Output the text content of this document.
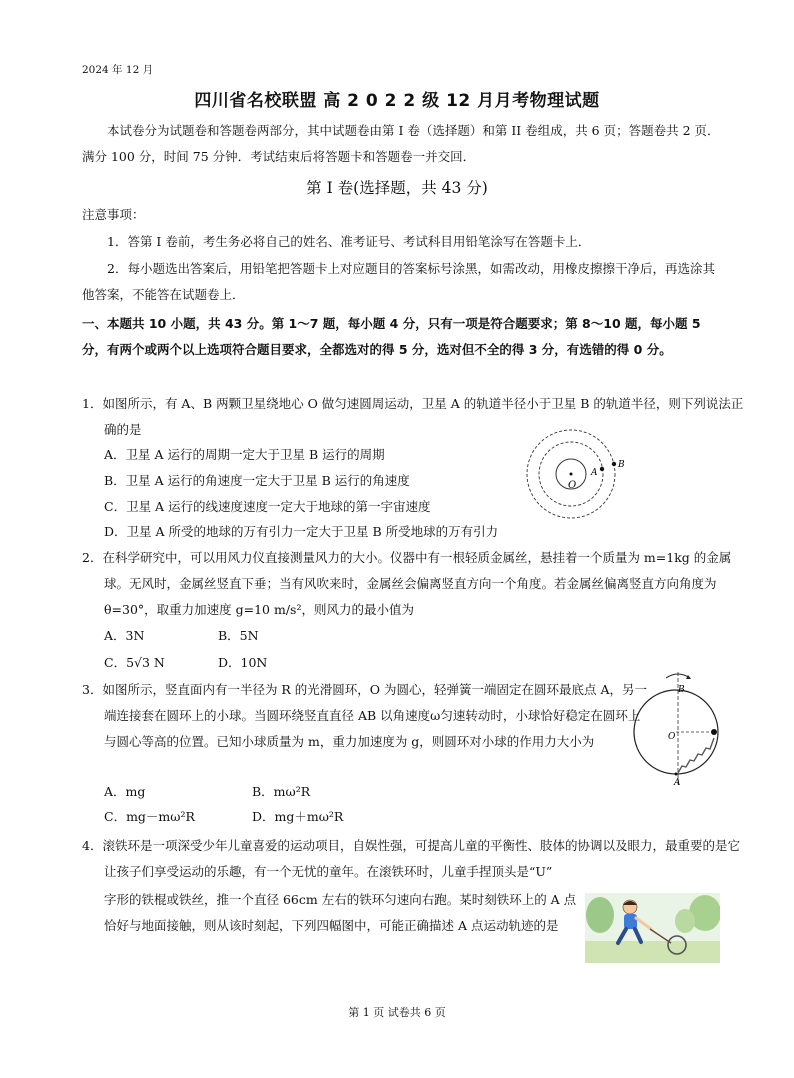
2024 年 12 月
四川省名校联盟 高 2 0 2 2 级 12 月月考物理试题
本试卷分为试题卷和答题卷两部分，其中试题卷由第 I 卷（选择题）和第 II 卷组成，共 6 页；答题卷共 2 页．满分 100 分，时间 75 分钟．考试结束后将答题卡和答题卷一并交回．
第 I 卷(选择题，共 43 分)
注意事项：
1．答第 I 卷前，考生务必将自己的姓名、准考证号、考试科目用铅笔涂写在答题卡上．
2．每小题选出答案后，用铅笔把答题卡上对应题目的答案标号涂黑，如需改动，用橡皮擦擦干净后，再选涂其他答案，不能答在试题卷上．
一、本题共 10 小题，共 43 分。第 1～7 题，每小题 4 分，只有一项是符合题要求；第 8～10 题，每小题 5 分，有两个或两个以上选项符合题目要求，全都选对的得 5 分，选对但不全的得 3 分，有选错的得 0 分。
1．如图所示，有 A、B 两颗卫星绕地心 O 做匀速圆周运动，卫星 A 的轨道半径小于卫星 B 的轨道半径，则下列说法正确的是
A．卫星 A 运行的周期一定大于卫星 B 运行的周期
B．卫星 A 运行的角速度一定大于卫星 B 运行的角速度
C．卫星 A 运行的线速度速度一定大于地球的第一宇宙速度
D．卫星 A 所受的地球的万有引力一定大于卫星 B 所受地球的万有引力
O
A
B
2．在科学研究中，可以用风力仪直接测量风力的大小。仪器中有一根轻质金属丝，悬挂着一个质量为 m=1kg 的金属球。无风时，金属丝竖直下垂；当有风吹来时，金属丝会偏离竖直方向一个角度。若金属丝偏离竖直方向角度为 θ=30°，取重力加速度 g=10 m/s²，则风力的最小值为
A．3N	B．5N
C．5√3 N	D．10N
3．如图所示，竖直面内有一半径为 R 的光滑圆环，O 为圆心，轻弹簧一端固定在圆环最底点 A，另一端连接套在圆环上的小球。当圆环绕竖直直径 AB 以角速度ω匀速转动时，小球恰好稳定在圆环上与圆心等高的位置。已知小球质量为 m，重力加速度为 g，则圆环对小球的作用力大小为
A．mg	B．mω²R
C．mg－mω²R	D．mg＋mω²R
B
O
A
4．滚铁环是一项深受少年儿童喜爱的运动项目，自娱性强，可提高儿童的平衡性、肢体的协调以及眼力，最重要的是它让孩子们享受运动的乐趣，有一个无忧的童年。在滚铁环时，儿童手捏顶头是“U”
字形的铁棍或铁丝，推一个直径 66cm 左右的铁环匀速向右跑。某时刻铁环上的 A 点恰好与地面接触，则从该时刻起，下列四幅图中，可能正确描述 A 点运动轨迹的是
第 1 页 试卷共 6 页
